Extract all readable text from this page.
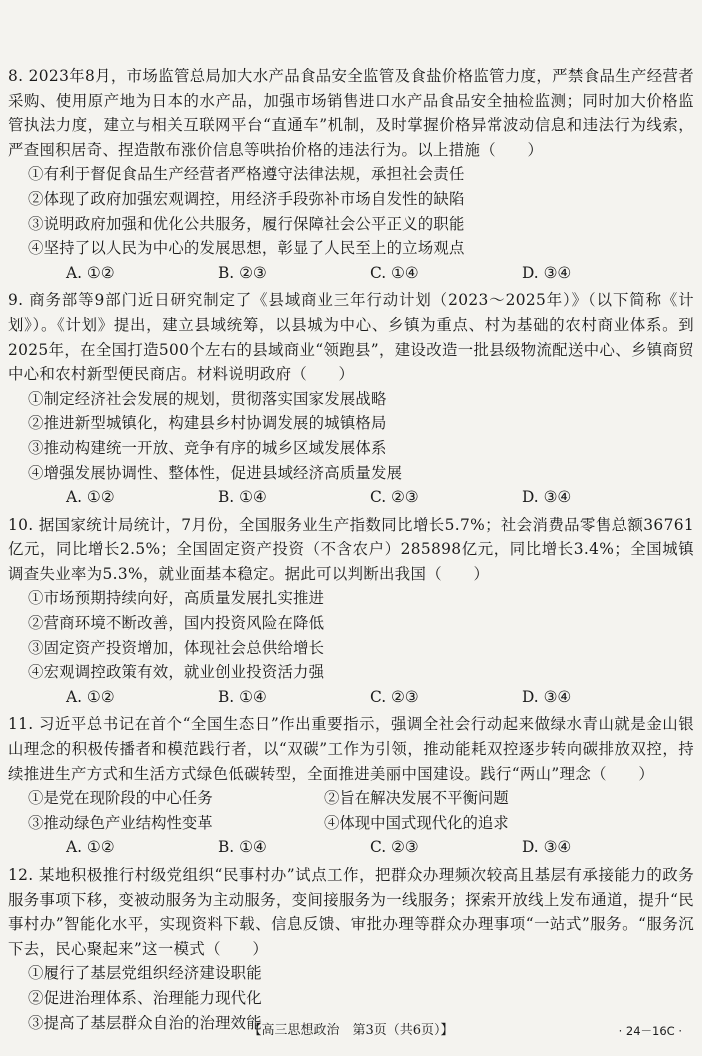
8. 2023年8月，市场监管总局加大水产品食品安全监管及食盐价格监管力度，严禁食品生产经营者采购、使用原产地为日本的水产品，加强市场销售进口水产品食品安全抽检监测；同时加大价格监管执法力度，建立与相关互联网平台“直通车”机制，及时掌握价格异常波动信息和违法行为线索，严查囤积居奇、捏造散布涨价信息等哄抬价格的违法行为。以上措施（　　）

①有利于督促食品生产经营者严格遵守法律法规，承担社会责任

②体现了政府加强宏观调控，用经济手段弥补市场自发性的缺陷

③说明政府加强和优化公共服务，履行保障社会公平正义的职能

④坚持了以人民为中心的发展思想，彰显了人民至上的立场观点

A. ①②	B. ②③	C. ①④	D. ③④

9. 商务部等9部门近日研究制定了《县域商业三年行动计划（2023～2025年）》（以下简称《计划》）。《计划》提出，建立县域统筹，以县城为中心、乡镇为重点、村为基础的农村商业体系。到2025年，在全国打造500个左右的县域商业“领跑县”，建设改造一批县级物流配送中心、乡镇商贸中心和农村新型便民商店。材料说明政府（　　）

①制定经济社会发展的规划，贯彻落实国家发展战略

②推进新型城镇化，构建县乡村协调发展的城镇格局

③推动构建统一开放、竞争有序的城乡区域发展体系

④增强发展协调性、整体性，促进县域经济高质量发展

A. ①②	B. ①④	C. ②③	D. ③④

10. 据国家统计局统计，7月份，全国服务业生产指数同比增长5.7%；社会消费品零售总额36761亿元，同比增长2.5%；全国固定资产投资（不含农户）285898亿元，同比增长3.4%；全国城镇调查失业率为5.3%，就业面基本稳定。据此可以判断出我国（　　）

①市场预期持续向好，高质量发展扎实推进

②营商环境不断改善，国内投资风险在降低

③固定资产投资增加，体现社会总供给增长

④宏观调控政策有效，就业创业投资活力强

A. ①②	B. ①④	C. ②③	D. ③④

11. 习近平总书记在首个“全国生态日”作出重要指示，强调全社会行动起来做绿水青山就是金山银山理念的积极传播者和模范践行者，以“双碳”工作为引领，推动能耗双控逐步转向碳排放双控，持续推进生产方式和生活方式绿色低碳转型，全面推进美丽中国建设。践行“两山”理念（　　）

①是党在现阶段的中心任务	②旨在解决发展不平衡问题
③推动绿色产业结构性变革	④体现中国式现代化的追求
A. ①②	B. ①④	C. ②③	D. ③④

12. 某地积极推行村级党组织“民事村办”试点工作，把群众办理频次较高且基层有承接能力的政务服务事项下移，变被动服务为主动服务，变间接服务为一线服务；探索开放线上发布通道，提升“民事村办”智能化水平，实现资料下载、信息反馈、审批办理等群众办理事项“一站式”服务。“服务沉下去，民心聚起来”这一模式（　　）

①履行了基层党组织经济建设职能

②促进治理体系、治理能力现代化

③提高了基层群众自治的治理效能

【高三思想政治　第3页（共6页）】	· 24－16C ·
